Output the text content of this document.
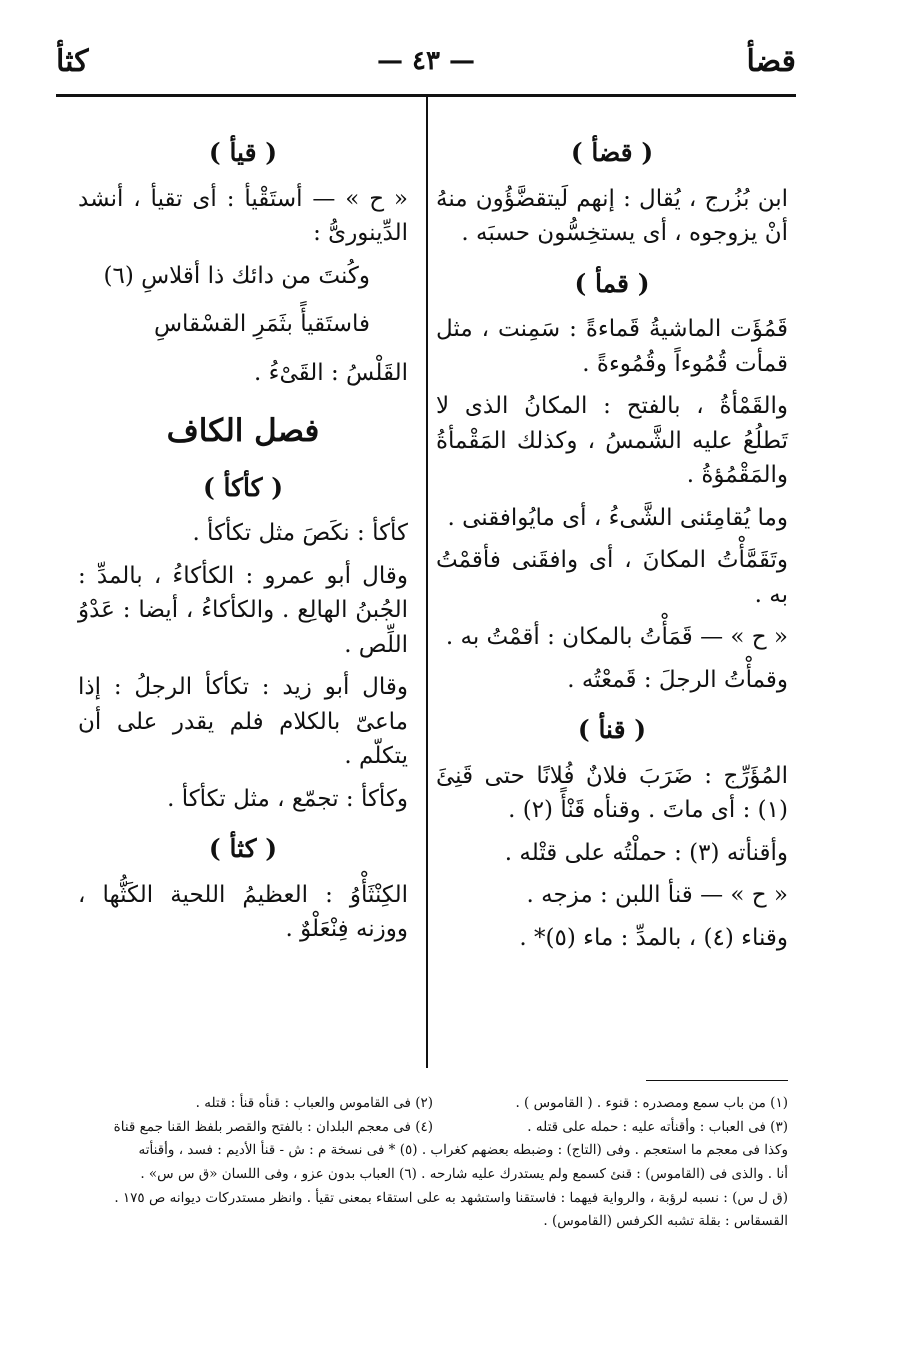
قضأ
— ٤٣ —
كثأ
( قضأ )

ابن بُزُرج ، يُقال : إنهم لَيتقضَّؤُون منهُ أنْ يزوجوه ، أى يستخِسُّون حسبَه .

( قمأ )

قَمُؤَت الماشيةُ قَماءةً : سَمِنت ، مثل قمأت قُمُوءاً وقُمُوءةً .

والقَمْأةُ ، بالفتح : المكانُ الذى لا تَطلُعُ عليه الشَّمسُ ، وكذلك المَقْمأةُ والمَقْمُؤةُ .

وما يُقامِئنى الشَّىءُ ، أى مايُوافقنى .

وتَقَمَّأْتُ المكانَ ، أى وافقَنى فأقمْتُ به .

« ح » — قَمَأْتُ بالمكان : أقمْتُ به .

وقمأْتُ الرجلَ : قَمعْتُه .

( قنأ )

المُؤَرِّج : ضَرَبَ فلانٌ فُلانًا حتى قَنِئَ (١) : أى ماتَ . وقنأه قَنْأً (٢) .

وأقنأته (٣) : حملْتُه على قتْله .

« ح » — قنأ اللبن : مزجه .

وقناء (٤) ، بالمدِّ : ماء (٥)* .

( قيأ )

« ح » — أستَقْيأ : أى تقيأ ، أنشد الدِّينورىُّ :

وكُنتَ من دائك ذا أقلاسِ (٦)

فاستَقيأً بثَمَرِ القسْقاسِ

القَلْسُ : القَىْءُ .

فصل الكاف
( كأكأ )

كأكأ : نكَصَ مثل تكأكأ .

وقال أبو عمرو : الكأكاءُ ، بالمدِّ : الجُبنُ الهالِع . والكأكاءُ ، أيضا : عَدْوُ اللِّص .

وقال أبو زيد : تكأكأ الرجلُ : إذا ماعىّ بالكلام فلم يقدر على أن يتكلّم .

وكأكأ : تجمّع ، مثل تكأكأ .

( كثأ )

الكِنْثَأْوُ : العظيمُ اللحية الكَثُّها ، ووزنه فِنْعَلْوٌ .

(١) من باب سمع ومصدره : قنوء . ( القاموس ) .
(٢) فى القاموس والعباب : قنأه قنأ : قتله .
(٣) فى العباب : وأقنأته عليه : حمله على قتله .
(٤) فى معجم البلدان : بالفتح والقصر بلفظ القنا جمع قناة
وكذا فى معجم ما استعجم . وفى (التاج) : وضبطه بعضهم كغراب . (٥) * فى نسخة م : ش - قنأ الأديم : فسد ، وأقنأته
أنا . والذى فى (القاموس) : قنئ كسمع ولم يستدرك عليه شارحه . (٦) العباب بدون عزو ، وفى اللسان «ق س س» .
(ق ل س) : نسبه لرؤبة ، والرواية فيهما : فاستقنا واستشهد به على استقاء بمعنى تقيأ . وانظر مستدركات ديوانه ص ١٧٥ .
القسقاس : بقلة تشبه الكرفس (القاموس) .
